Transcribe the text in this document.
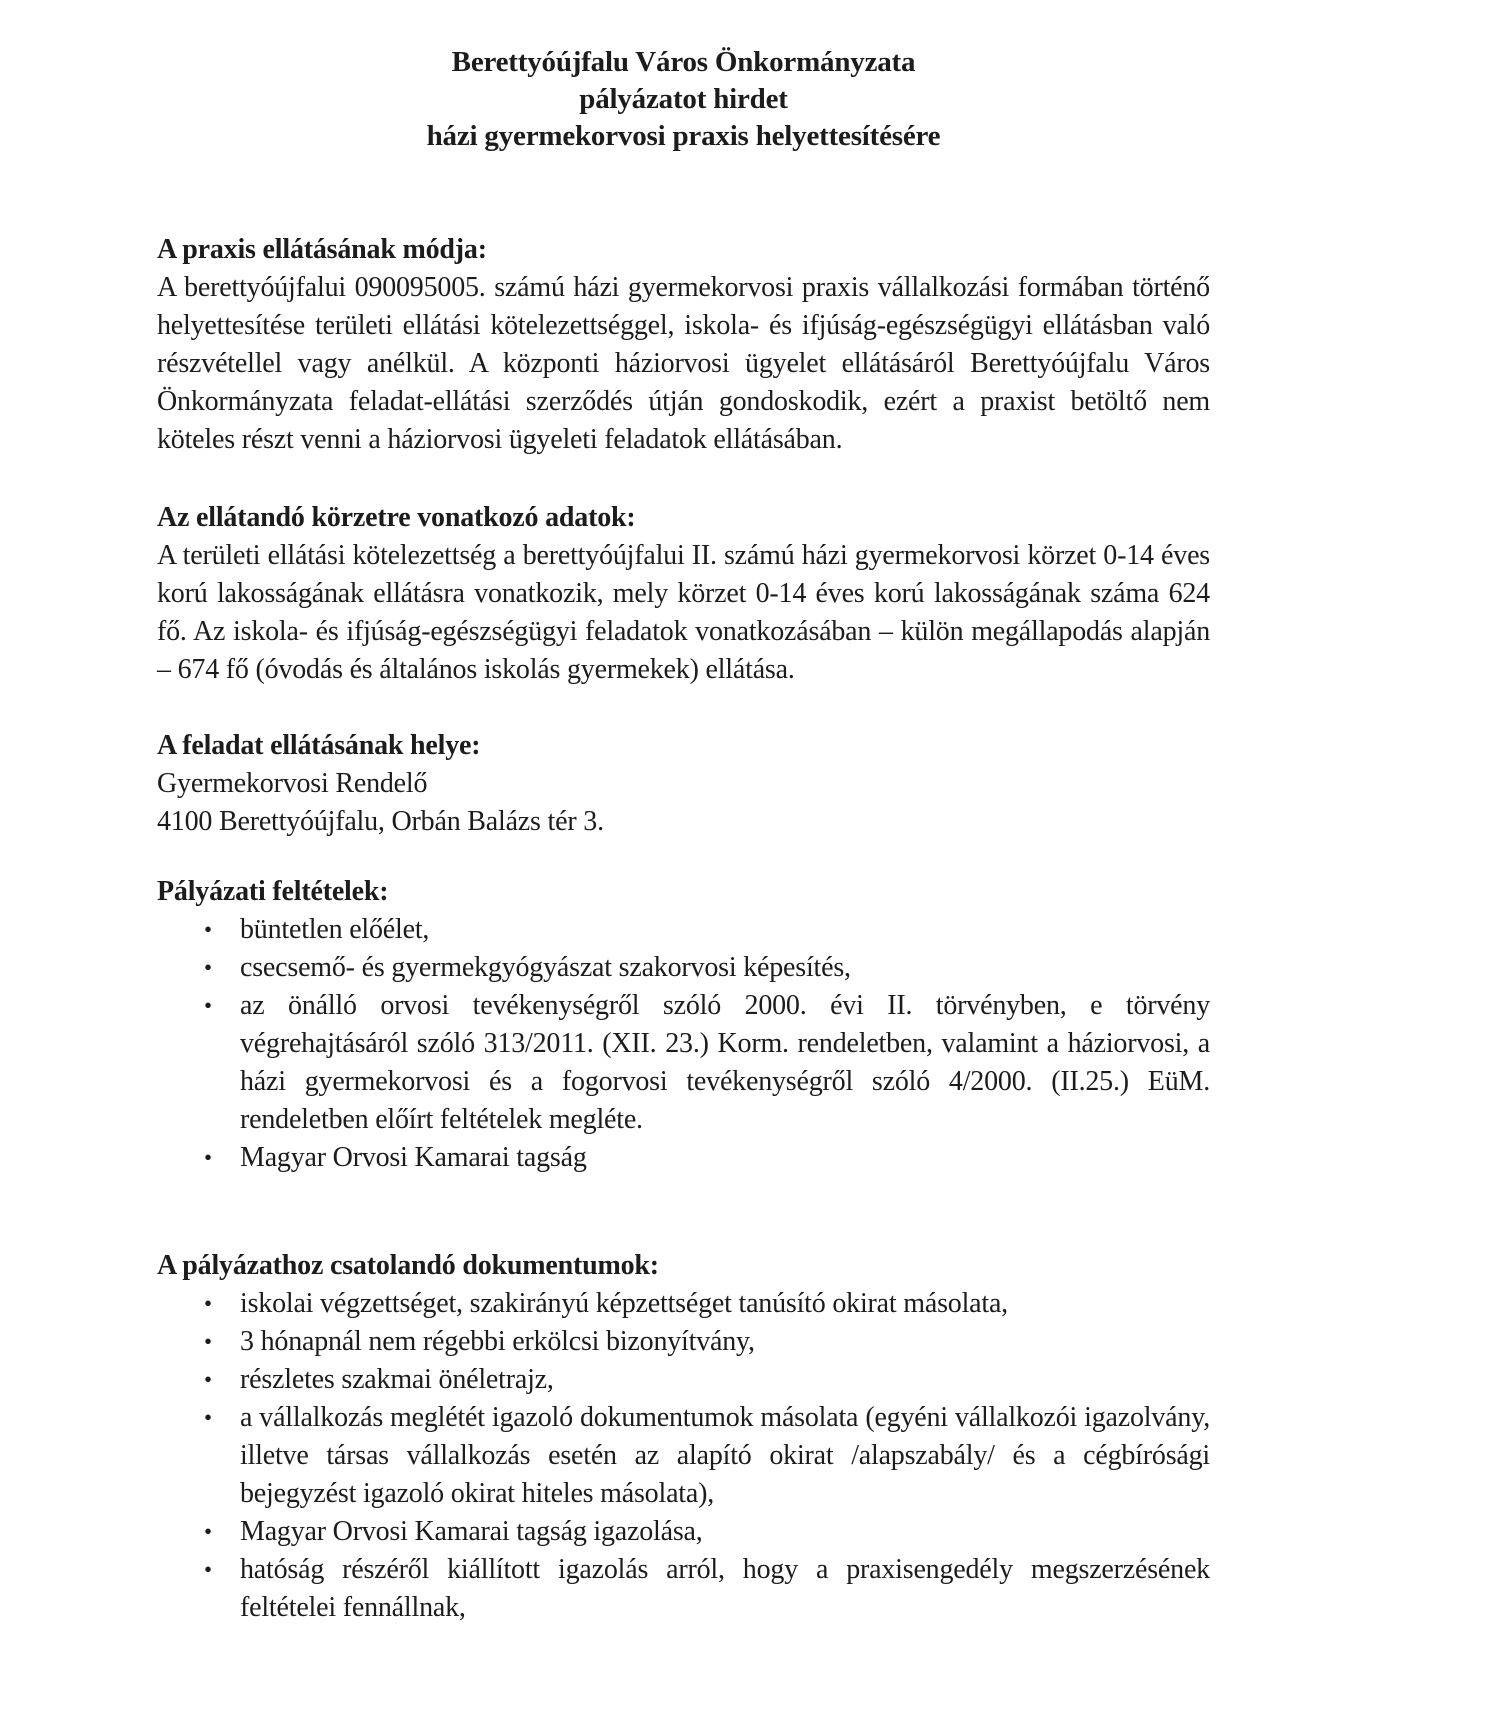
Berettyóújfalu Város Önkormányzata
pályázatot hirdet
házi gyermekorvosi praxis helyettesítésére
A praxis ellátásának módja:

A berettyóújfalui 090095005. számú házi gyermekorvosi praxis vállalkozási formában történő helyettesítése területi ellátási kötelezettséggel, iskola- és ifjúság-egészségügyi ellátásban való részvétellel vagy anélkül. A központi háziorvosi ügyelet ellátásáról Berettyóújfalu Város Önkormányzata feladat-ellátási szerződés útján gondoskodik, ezért a praxist betöltő nem köteles részt venni a háziorvosi ügyeleti feladatok ellátásában.

Az ellátandó körzetre vonatkozó adatok:

A területi ellátási kötelezettség a berettyóújfalui II. számú házi gyermekorvosi körzet 0-14 éves korú lakosságának ellátásra vonatkozik, mely körzet 0-14 éves korú lakosságának száma 624 fő. Az iskola- és ifjúság-egészségügyi feladatok vonatkozásában – külön megállapodás alapján – 674 fő (óvodás és általános iskolás gyermekek) ellátása.

A feladat ellátásának helye:

Gyermekorvosi Rendelő

4100 Berettyóújfalu, Orbán Balázs tér 3.

Pályázati feltételek:
• büntetlen előélet,
• csecsemő- és gyermekgyógyászat szakorvosi képesítés,
• az önálló orvosi tevékenységről szóló 2000. évi II. törvényben, e törvény végrehajtásáról szóló 313/2011. (XII. 23.) Korm. rendeletben, valamint a háziorvosi, a házi gyermekorvosi és a fogorvosi tevékenységről szóló 4/2000. (II.25.) EüM. rendeletben előírt feltételek megléte.
• Magyar Orvosi Kamarai tagság
A pályázathoz csatolandó dokumentumok:
• iskolai végzettséget, szakirányú képzettséget tanúsító okirat másolata,
• 3 hónapnál nem régebbi erkölcsi bizonyítvány,
• részletes szakmai önéletrajz,
• a vállalkozás meglétét igazoló dokumentumok másolata (egyéni vállalkozói igazolvány, illetve társas vállalkozás esetén az alapító okirat /alapszabály/ és a cégbírósági bejegyzést igazoló okirat hiteles másolata),
• Magyar Orvosi Kamarai tagság igazolása,
• hatóság részéről kiállított igazolás arról, hogy a praxisengedély megszerzésének feltételei fennállnak,
